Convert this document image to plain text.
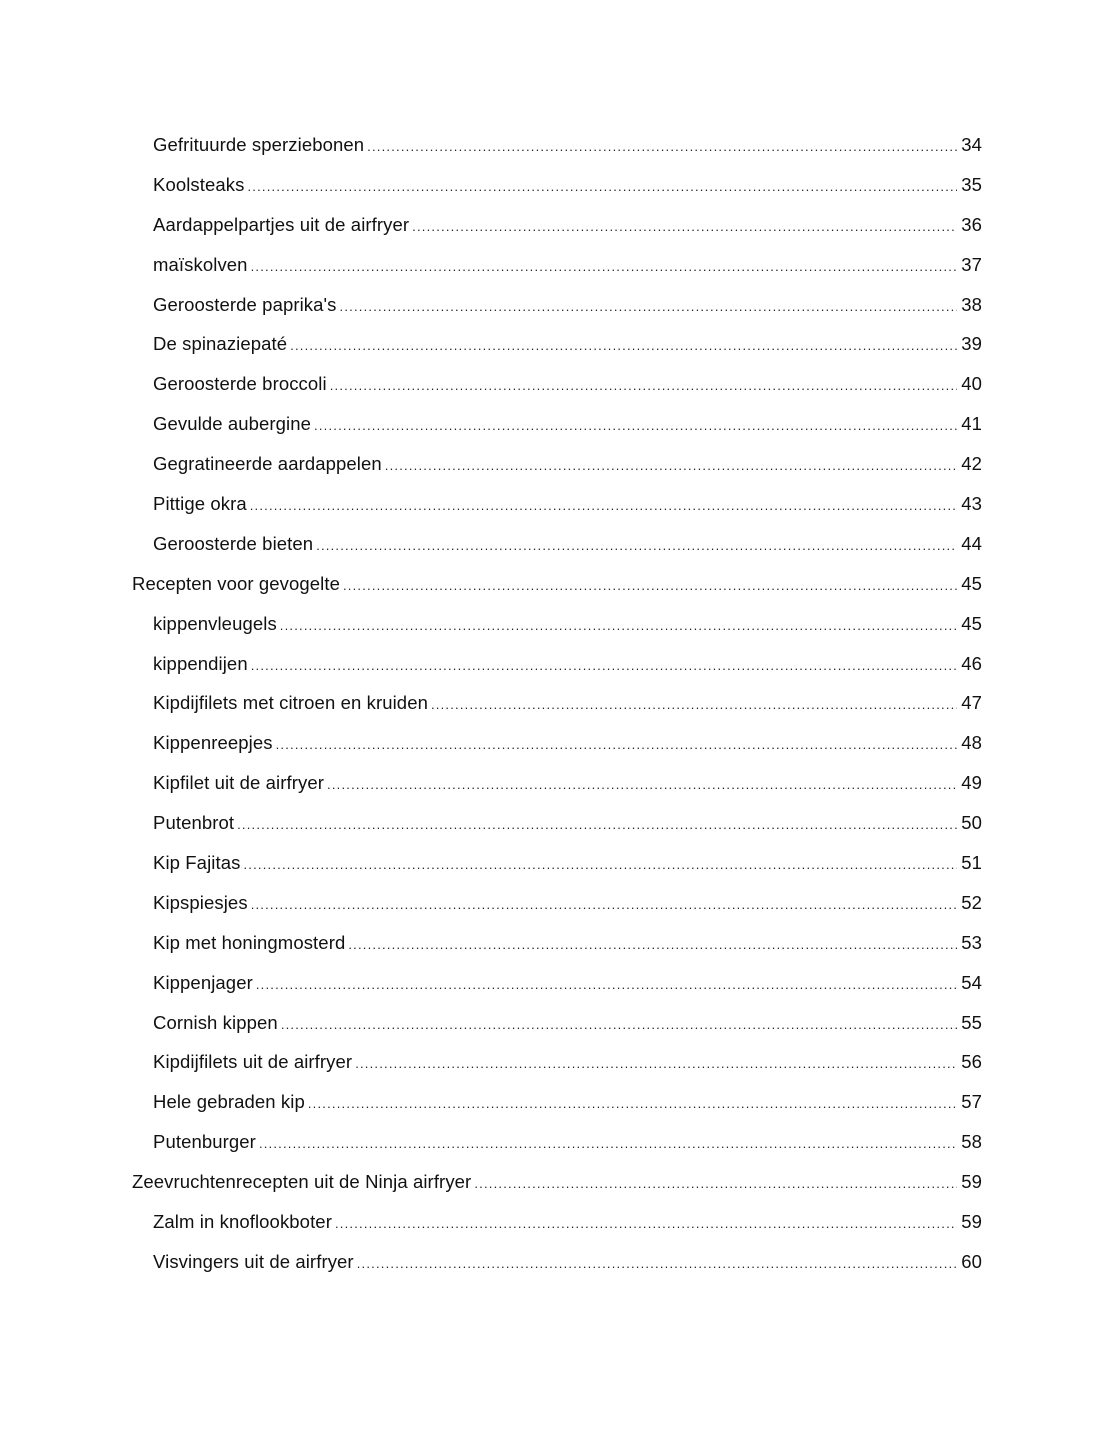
Gefrituurde sperziebonen .....	34
Koolsteaks .....	35
Aardappelpartjes uit de airfryer .....	36
maïskolven .....	37
Geroosterde paprika's .....	38
De spinaziepaté .....	39
Geroosterde broccoli .....	40
Gevulde aubergine .....	41
Gegratineerde aardappelen .....	42
Pittige okra .....	43
Geroosterde bieten .....	44
Recepten voor gevogelte .....	45
kippenvleugels .....	45
kippendijen .....	46
Kipdijfilets met citroen en kruiden .....	47
Kippenreepjes .....	48
Kipfilet uit de airfryer .....	49
Putenbrot .....	50
Kip Fajitas .....	51
Kipspiesjes .....	52
Kip met honingmosterd .....	53
Kippenjager .....	54
Cornish kippen .....	55
Kipdijfilets uit de airfryer .....	56
Hele gebraden kip .....	57
Putenburger .....	58
Zeevruchtenrecepten uit de Ninja airfryer .....	59
Zalm in knoflookboter .....	59
Visvingers uit de airfryer .....	60
